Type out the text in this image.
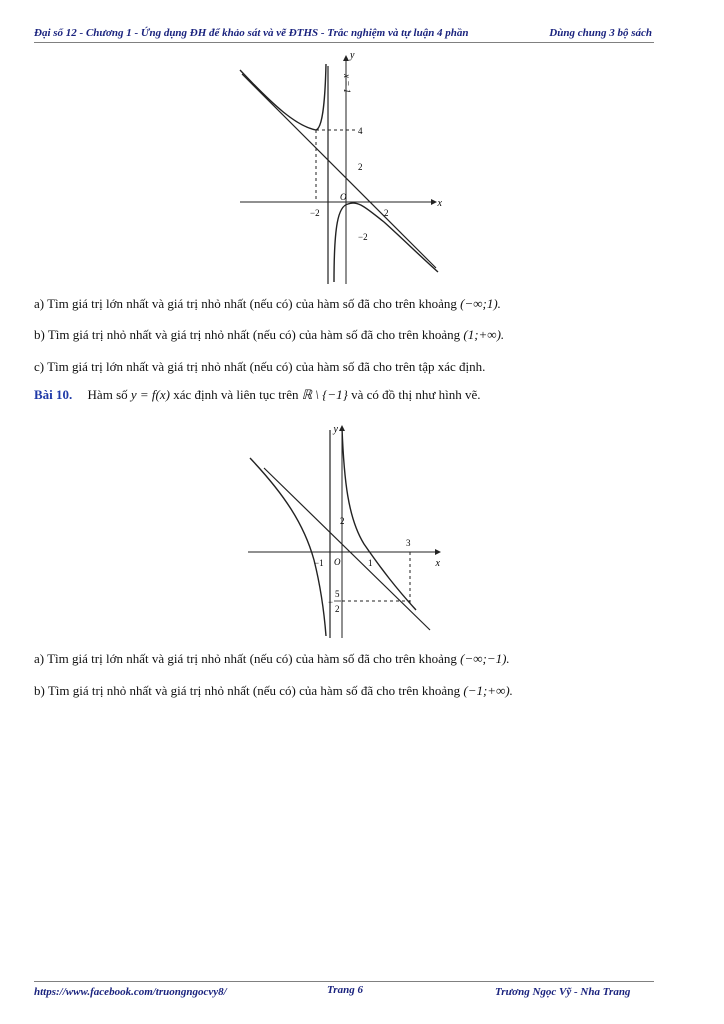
Đại số 12 - Chương 1 - Ứng dụng ĐH để khảo sát và vẽ ĐTHS - Trắc nghiệm và tự luận 4 phần	Dùng chung 3 bộ sách
y
x
x = 1
4
2
−2	2
−2
O
a) Tìm giá trị lớn nhất và giá trị nhỏ nhất (nếu có) của hàm số đã cho trên khoảng (−∞;1).
b) Tìm giá trị nhỏ nhất và giá trị nhỏ nhất (nếu có) của hàm số đã cho trên khoảng (1;+∞).
c) Tìm giá trị lớn nhất và giá trị nhỏ nhất (nếu có) của hàm số đã cho trên tập xác định.
Bài 10. Hàm số y = f(x) xác định và liên tục trên ℝ \ {−1} và có đồ thị như hình vẽ.
y
x
2
3
−1 O	1
−
5
2
a) Tìm giá trị lớn nhất và giá trị nhỏ nhất (nếu có) của hàm số đã cho trên khoảng (−∞;−1).
b) Tìm giá trị nhỏ nhất và giá trị nhỏ nhất (nếu có) của hàm số đã cho trên khoảng (−1;+∞).
https://www.facebook.com/truongngocvy8/	Trang 6	Trương Ngọc Vỹ - Nha Trang
